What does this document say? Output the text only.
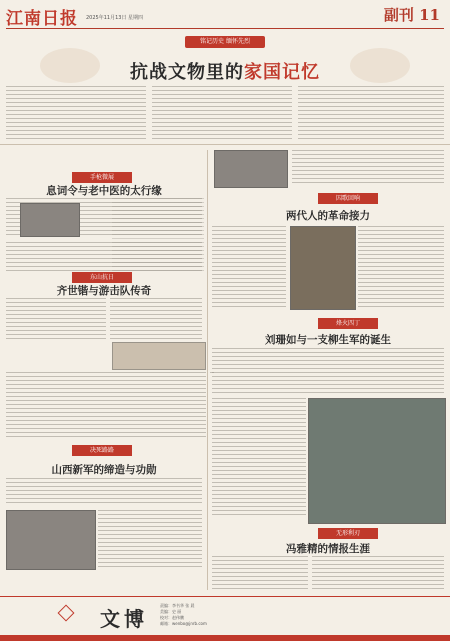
江南日报 2025年11月13日 星期四	副刊 11
铭记历史 缅怀先烈
抗战文物里的家国记忆
手枪微展
息词令与老中医的太行缘
东山抗日
齐世锴与游击队传奇
决死路路
山西新军的缔造与功勋
囚歌回响
两代人的革命接力
烽火四丁
刘珊如与一支柳生军的诞生
无形利刃
冯雅精的情报生涯
文博
责编：李书华 张 晨
美编：史 丽
校对：赵伟鹏
邮箱：wenbo@jnrb.com
